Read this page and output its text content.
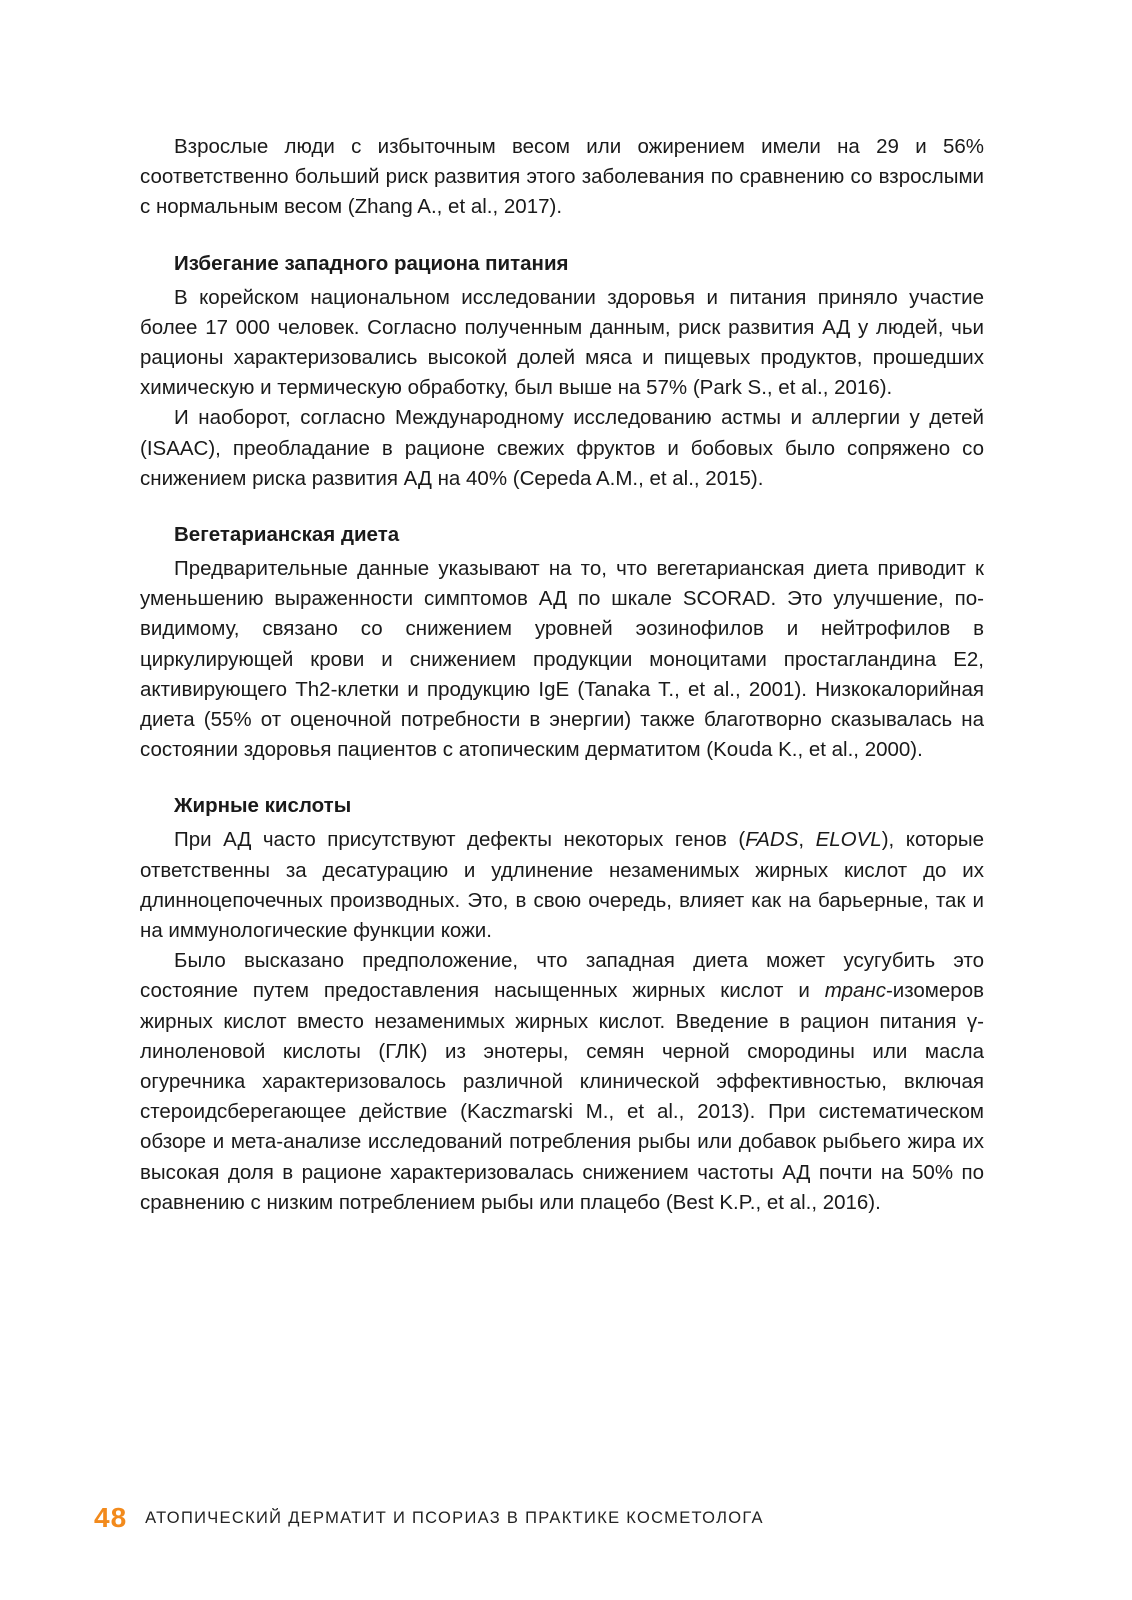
Взрослые люди с избыточным весом или ожирением имели на 29 и 56% соответственно больший риск развития этого заболевания по сравнению со взрослыми с нормальным весом (Zhang A., et al., 2017).

Избегание западного рациона питания

В корейском национальном исследовании здоровья и питания приняло участие более 17 000 человек. Согласно полученным данным, риск развития АД у людей, чьи рационы характеризовались высокой долей мяса и пищевых продуктов, прошедших химическую и термическую обработку, был выше на 57% (Park S., et al., 2016).

И наоборот, согласно Международному исследованию астмы и аллергии у детей (ISAAC), преобладание в рационе свежих фруктов и бобовых было сопряжено со снижением риска развития АД на 40% (Cepeda A.M., et al., 2015).

Вегетарианская диета

Предварительные данные указывают на то, что вегетарианская диета приводит к уменьшению выраженности симптомов АД по шкале SCORAD. Это улучшение, по-видимому, связано со снижением уровней эозинофилов и нейтрофилов в циркулирующей крови и снижением продукции моноцитами простагландина E2, активирующего Th2-клетки и продукцию IgE (Tanaka T., et al., 2001). Низкокалорийная диета (55% от оценочной потребности в энергии) также благотворно сказывалась на состоянии здоровья пациентов с атопическим дерматитом (Kouda K., et al., 2000).

Жирные кислоты

При АД часто присутствуют дефекты некоторых генов (FADS, ELOVL), которые ответственны за десатурацию и удлинение незаменимых жирных кислот до их длинноцепочечных производных. Это, в свою очередь, влияет как на барьерные, так и на иммунологические функции кожи.

Было высказано предположение, что западная диета может усугубить это состояние путем предоставления насыщенных жирных кислот и транс-изомеров жирных кислот вместо незаменимых жирных кислот. Введение в рацион питания γ-линоленовой кислоты (ГЛК) из энотеры, семян черной смородины или масла огуречника характеризовалось различной клинической эффективностью, включая стероидсберегающее действие (Kaczmarski M., et al., 2013). При систематическом обзоре и мета-анализе исследований потребления рыбы или добавок рыбьего жира их высокая доля в рационе характеризовалась снижением частоты АД почти на 50% по сравнению с низким потреблением рыбы или плацебо (Best K.P., et al., 2016).

48 АТОПИЧЕСКИЙ ДЕРМАТИТ И ПСОРИАЗ В ПРАКТИКЕ КОСМЕТОЛОГА
